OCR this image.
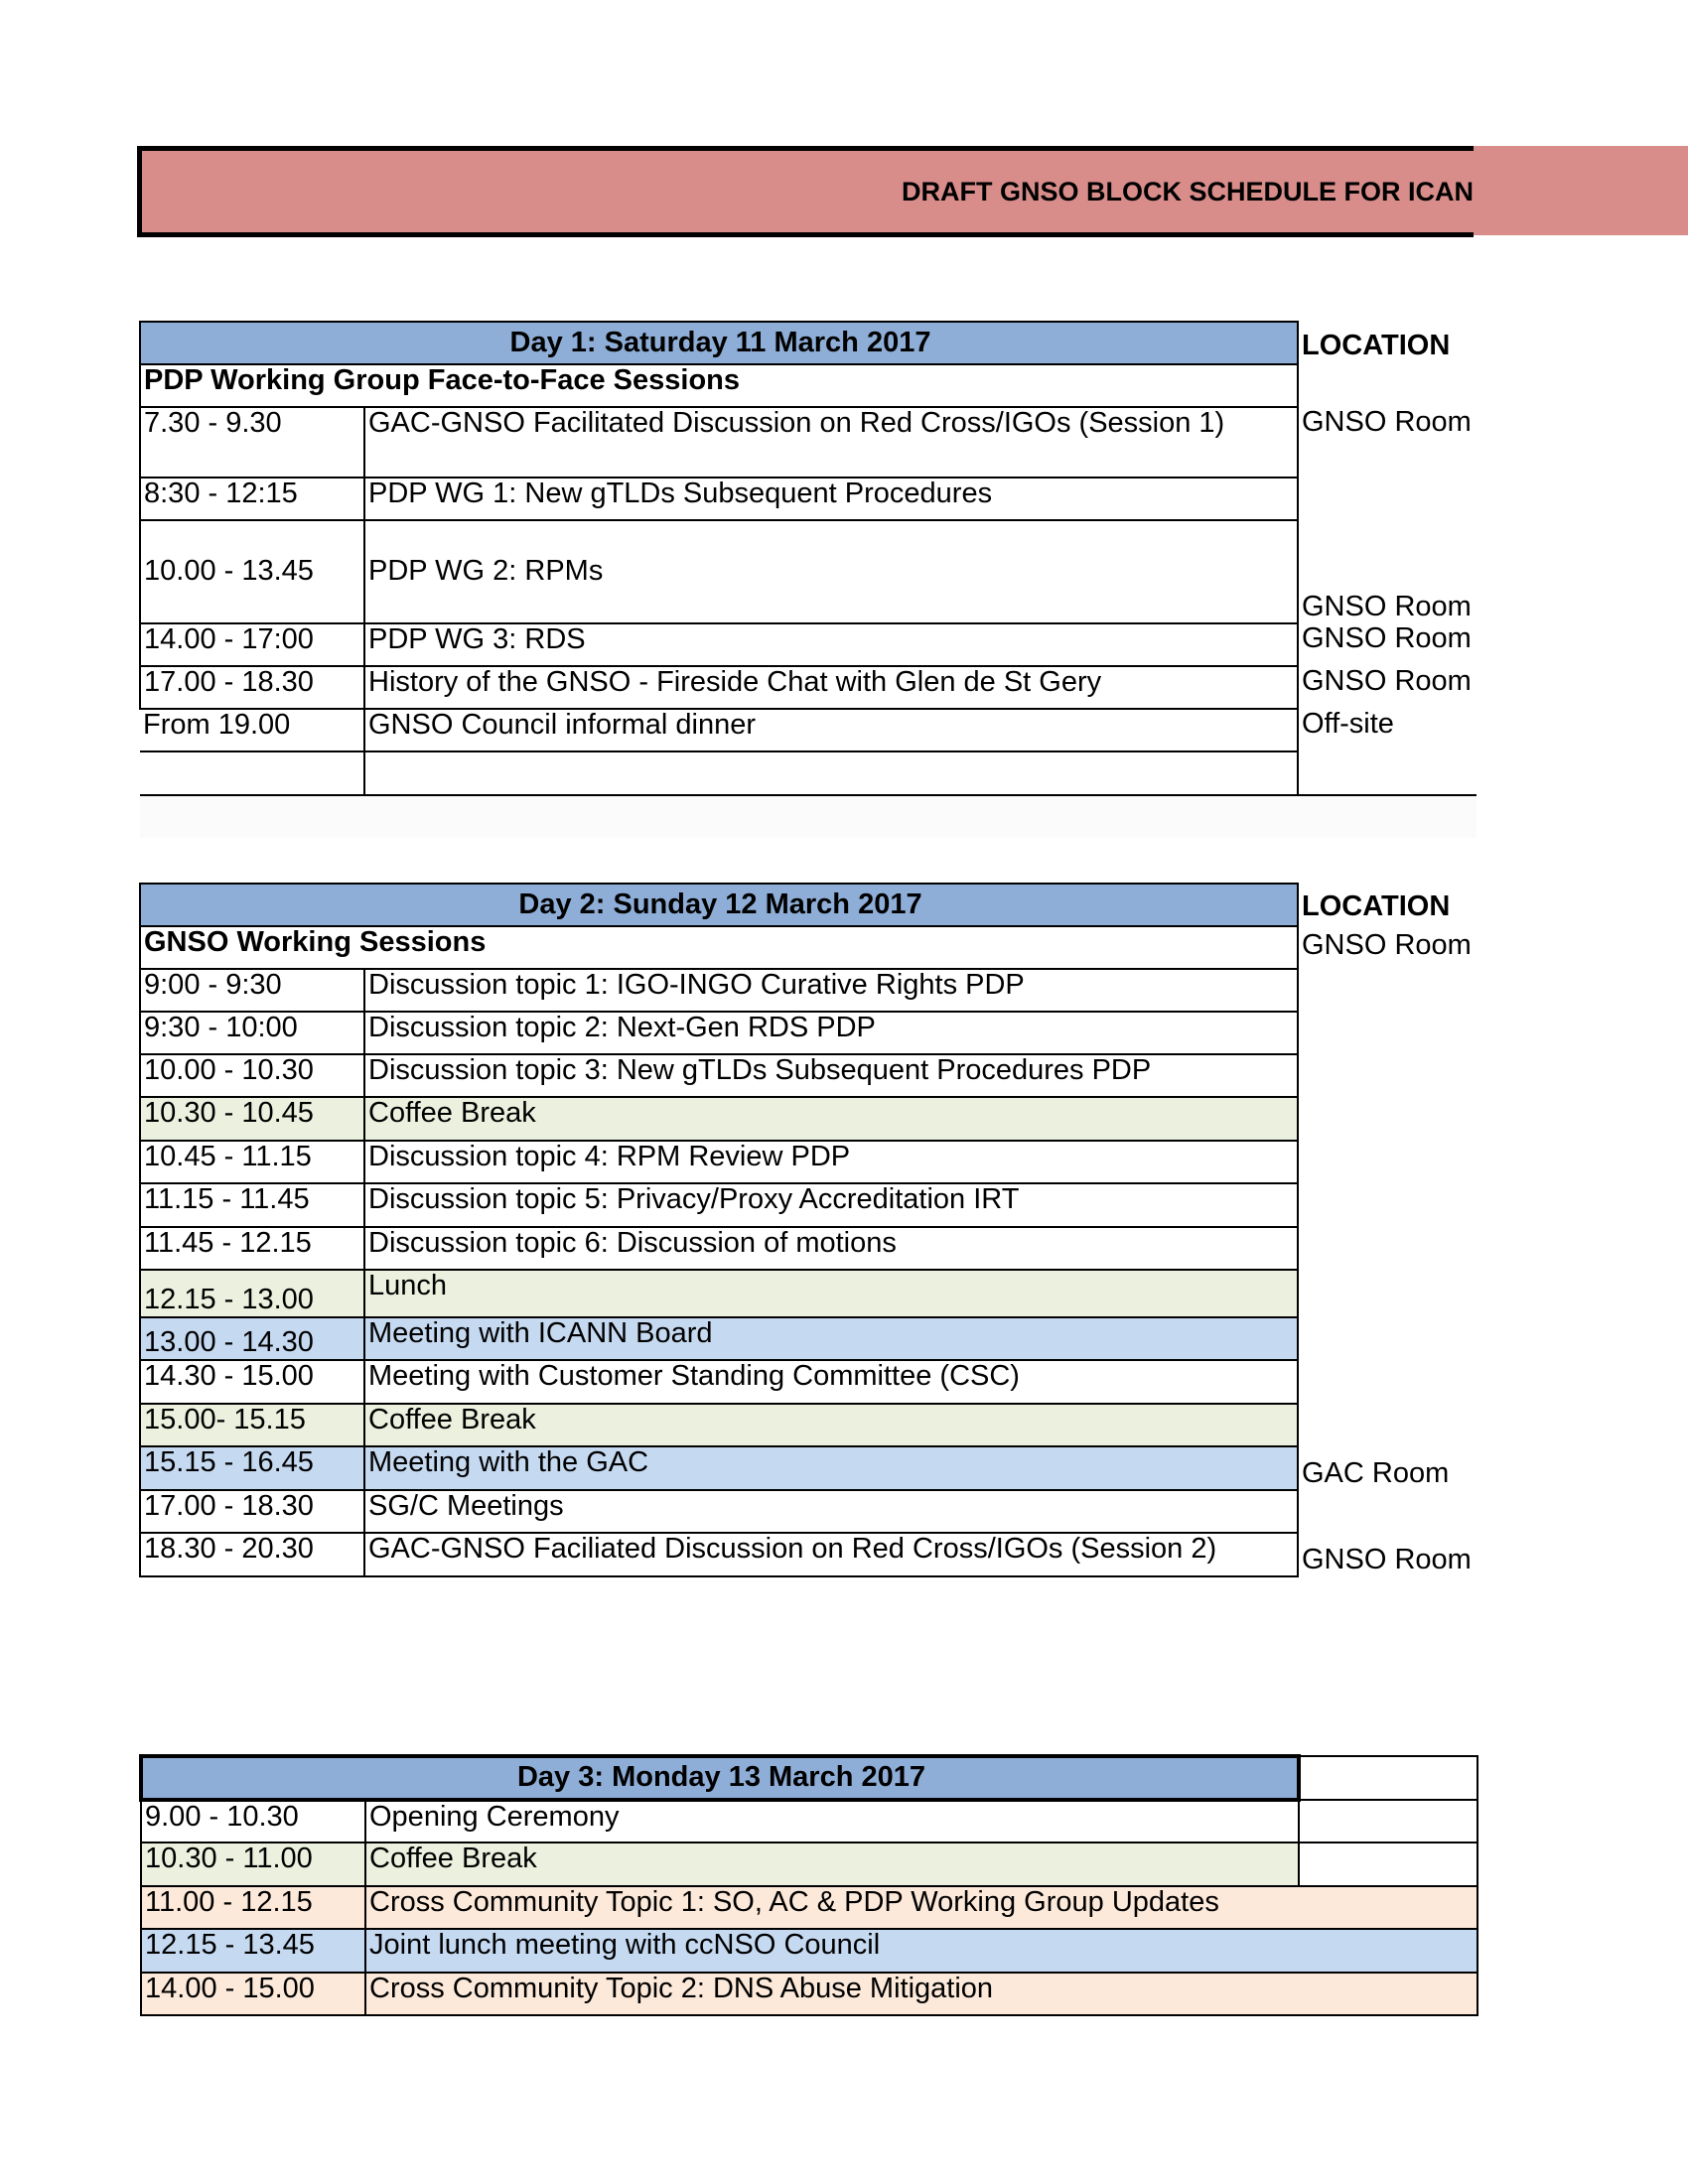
DRAFT GNSO BLOCK SCHEDULE FOR ICAN
Day 1: Saturday 11 March 2017		LOCATION
PDP Working Group Face-to-Face Sessions		
7.30 - 9.30	GAC-GNSO Facilitated Discussion on Red Cross/IGOs (Session 1)	GNSO Room
8:30 - 12:15	PDP WG 1: New gTLDs Subsequent Procedures	
10.00 - 13.45	PDP WG 2: RPMs	GNSO Room
14.00 - 17:00	PDP WG 3: RDS	GNSO Room
17.00 - 18.30	History of the GNSO - Fireside Chat with Glen de St Gery	GNSO Room
From 19.00	GNSO Council informal dinner	Off-site

Day 2: Sunday 12 March 2017		LOCATION
GNSO Working Sessions		GNSO Room
9:00 - 9:30	Discussion topic 1: IGO-INGO Curative Rights PDP	
9:30 - 10:00	Discussion topic 2: Next-Gen RDS PDP	
10.00 - 10.30	Discussion topic 3: New gTLDs Subsequent Procedures PDP	
10.30 - 10.45	Coffee Break	
10.45 - 11.15	Discussion topic 4: RPM Review PDP	
11.15 - 11.45	Discussion topic 5: Privacy/Proxy Accreditation IRT	
11.45 - 12.15	Discussion topic 6: Discussion of motions	
12.15 - 13.00	Lunch	
13.00 - 14.30	Meeting with ICANN Board	
14.30 - 15.00	Meeting with Customer Standing Committee (CSC)	
15.00- 15.15	Coffee Break	
15.15 - 16.45	Meeting with the GAC	GAC Room
17.00 - 18.30	SG/C Meetings	
18.30 - 20.30	GAC-GNSO Faciliated Discussion on Red Cross/IGOs (Session 2)	GNSO Room
Day 3: Monday 13 March 2017		
9.00 - 10.30	Opening Ceremony	
10.30 - 11.00	Coffee Break	
11.00 - 12.15	Cross Community Topic 1: SO, AC & PDP Working Group Updates	
12.15 - 13.45	Joint lunch meeting with ccNSO Council	
14.00 - 15.00	Cross Community Topic 2: DNS Abuse Mitigation	
